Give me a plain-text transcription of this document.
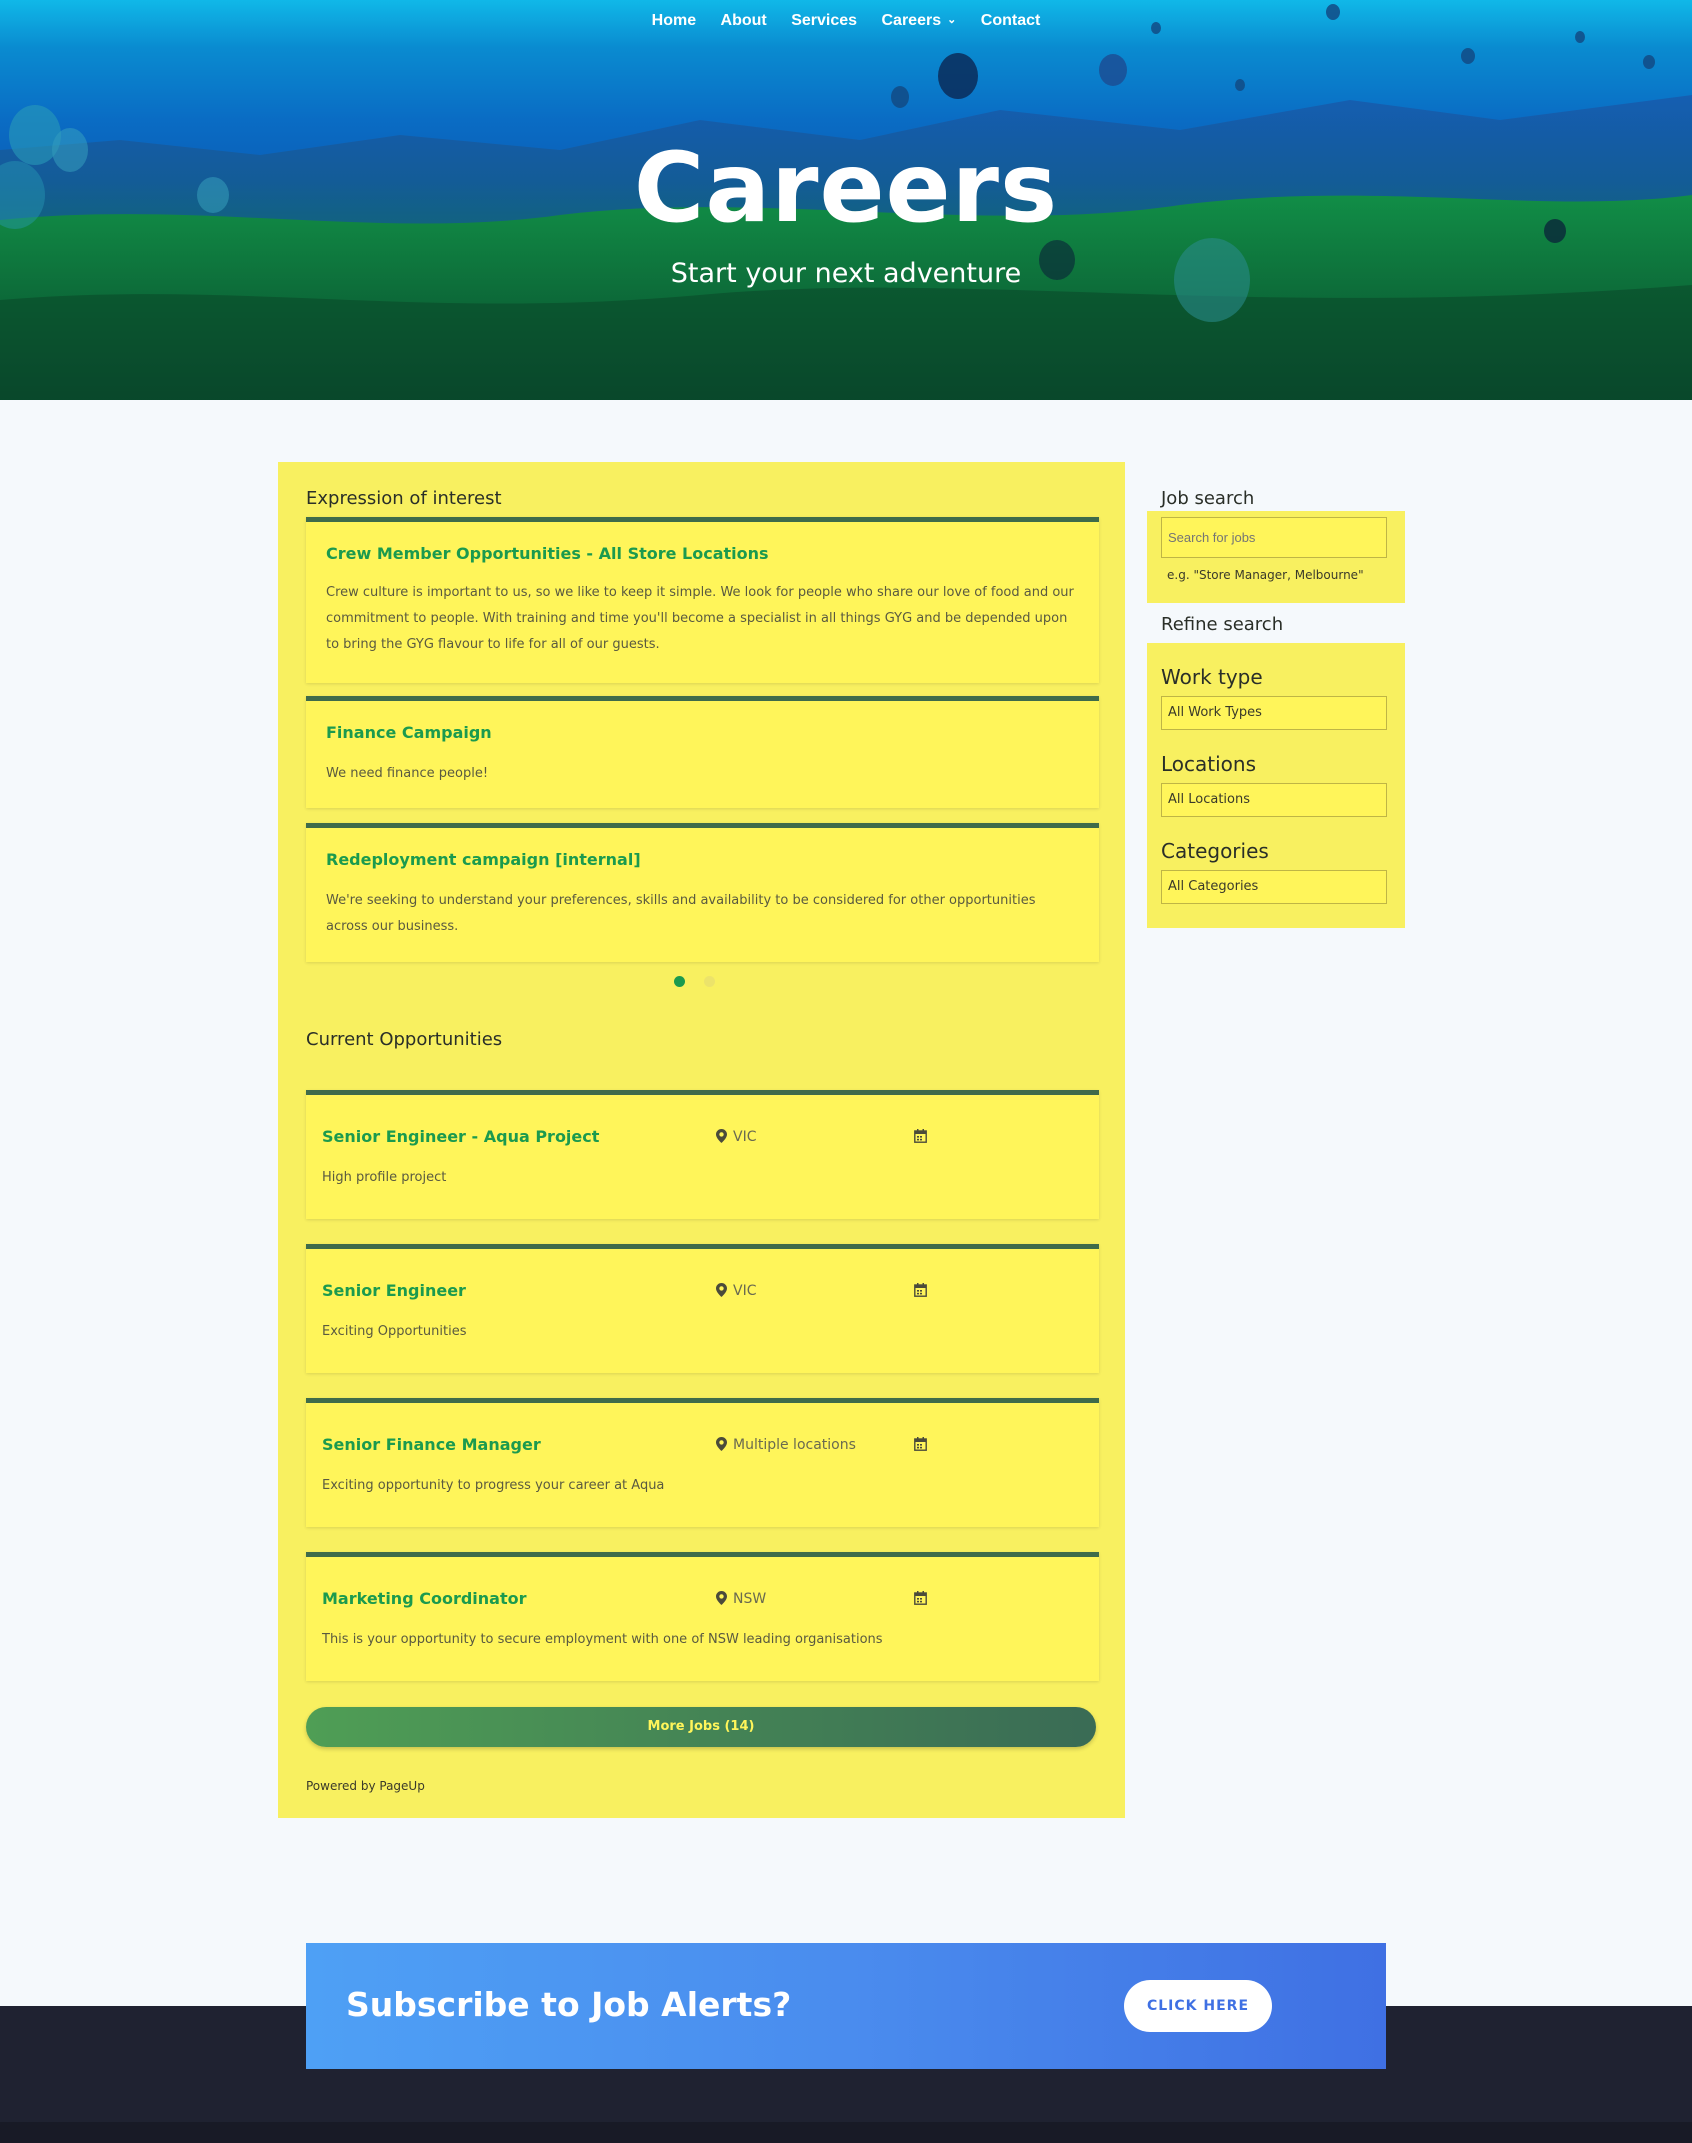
Home About Services Careers ⌄ Contact
Careers
Start your next adventure
Expression of interest
Crew Member Opportunities - All Store Locations
Crew culture is important to us, so we like to keep it simple. We look for people who share our love of food and our commitment to people. With training and time you'll become a specialist in all things GYG and be depended upon to bring the GYG flavour to life for all of our guests.
Finance Campaign
We need finance people!
Redeployment campaign [internal]
We're seeking to understand your preferences, skills and availability to be considered for other opportunities across our business.
Current Opportunities
Senior Engineer - Aqua Project	VIC
High profile project
Senior Engineer	VIC
Exciting Opportunities
Senior Finance Manager	Multiple locations
Exciting opportunity to progress your career at Aqua
Marketing Coordinator	NSW
This is your opportunity to secure employment with one of NSW leading organisations
More Jobs (14)
Powered by PageUp
Job search
Search for jobs
e.g. "Store Manager, Melbourne"
Refine search
Work type
All Work Types
Locations
All Locations
Categories
All Categories
Subscribe to Job Alerts?	CLICK HERE
